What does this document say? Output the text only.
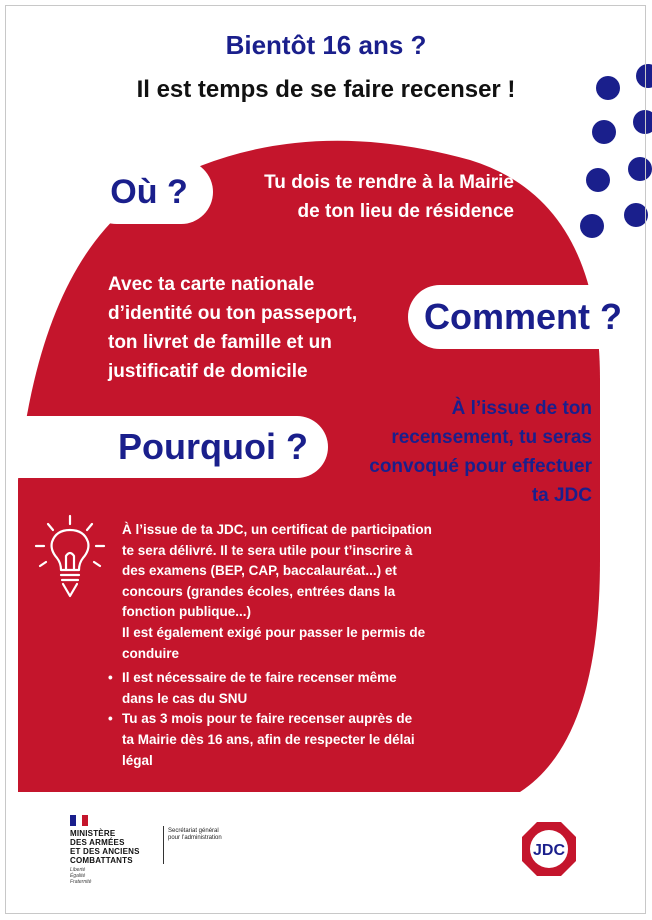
Bientôt 16 ans ?
Il est temps de se faire recenser !
Où ?	Tu dois te rendre à la Mairie
de ton lieu de résidence
Avec ta carte nationale
d’identité ou ton passeport,
ton livret de famille et un
justificatif de domicile
Comment ?
À l’issue de ton
recensement, tu seras
convoqué pour effectuer
ta JDC
Pourquoi ?

À l’issue de ta JDC, un certificat de participation
te sera délivré. Il te sera utile pour t’inscrire à
des examens (BEP, CAP, baccalauréat...) et
concours (grandes écoles, entrées dans la
fonction publique...)
Il est également exigé pour passer le permis de
conduire

• Il est nécessaire de te faire recenser même
dans le cas du SNU
• Tu as 3 mois pour te faire recenser auprès de
ta Mairie dès 16 ans, afin de respecter le délai
légal
MINISTÈRE
DES ARMÉES
ET DES ANCIENS
COMBATTANTS
Liberté
Égalité
Fraternité
Secrétariat général
pour l’administration
JDC
